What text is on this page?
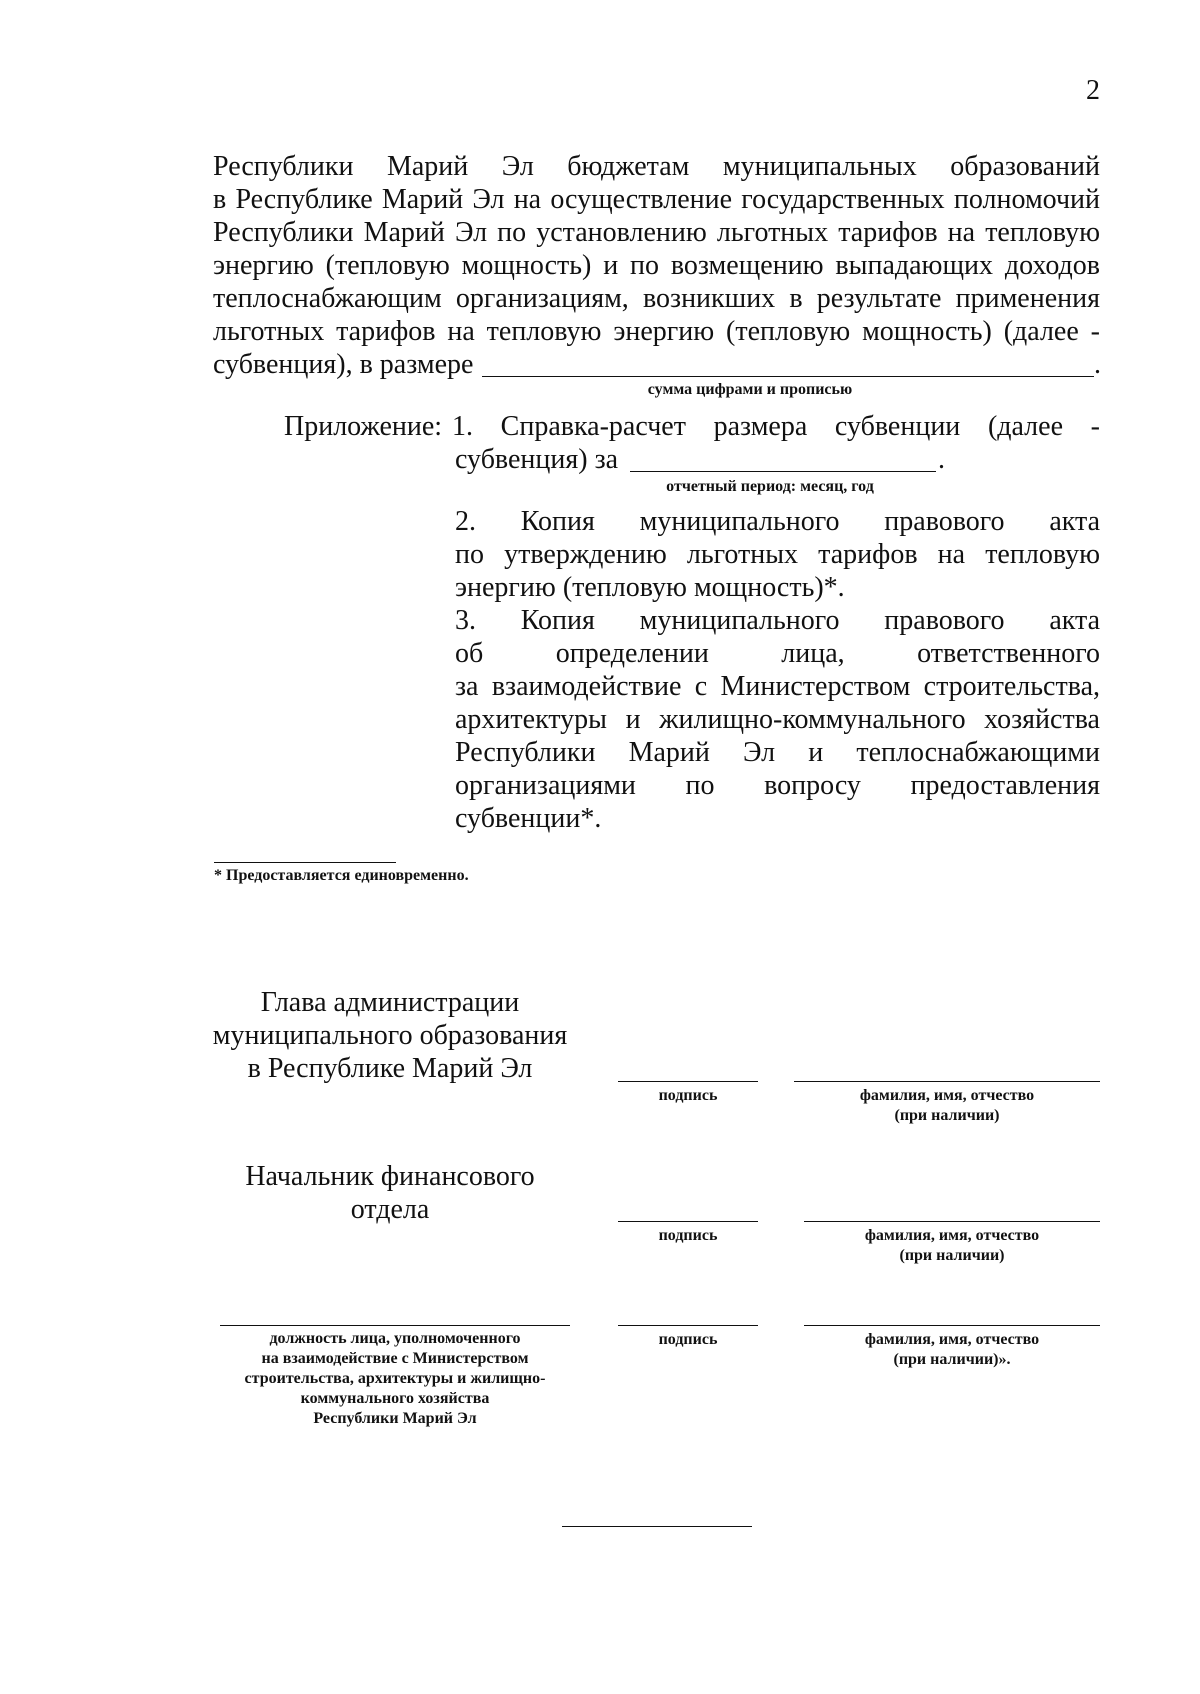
2
Республики Марий Эл бюджетам муниципальных образований
в Республике Марий Эл на осуществление государственных полномочий
Республики Марий Эл по установлению льготных тарифов на тепловую
энергию (тепловую мощность) и по возмещению выпадающих доходов
теплоснабжающим организациям, возникших в результате применения
льготных тарифов на тепловую энергию (тепловую мощность) (далее -
субвенция), в размере	.
сумма цифрами и прописью
Приложение: 1. Справка-расчет размера субвенции (далее -
субвенция) за	.
отчетный период: месяц, год
2. Копия муниципального правового акта
по утверждению льготных тарифов на тепловую
энергию (тепловую мощность)*.
3. Копия муниципального правового акта
об определении лица, ответственного
за взаимодействие с Министерством строительства,
архитектуры и жилищно-коммунального хозяйства
Республики Марий Эл и теплоснабжающими
организациями по вопросу предоставления
субвенции*.
* Предоставляется единовременно.
Глава администрации
муниципального образования
в Республике Марий Эл
подпись	фамилия, имя, отчество
(при наличии)
Начальник финансового
отдела
подпись	фамилия, имя, отчество
(при наличии)
должность лица, уполномоченного
на взаимодействие с Министерством
строительства, архитектуры и жилищно-
коммунального хозяйства
Республики Марий Эл
подпись	фамилия, имя, отчество
(при наличии)».
